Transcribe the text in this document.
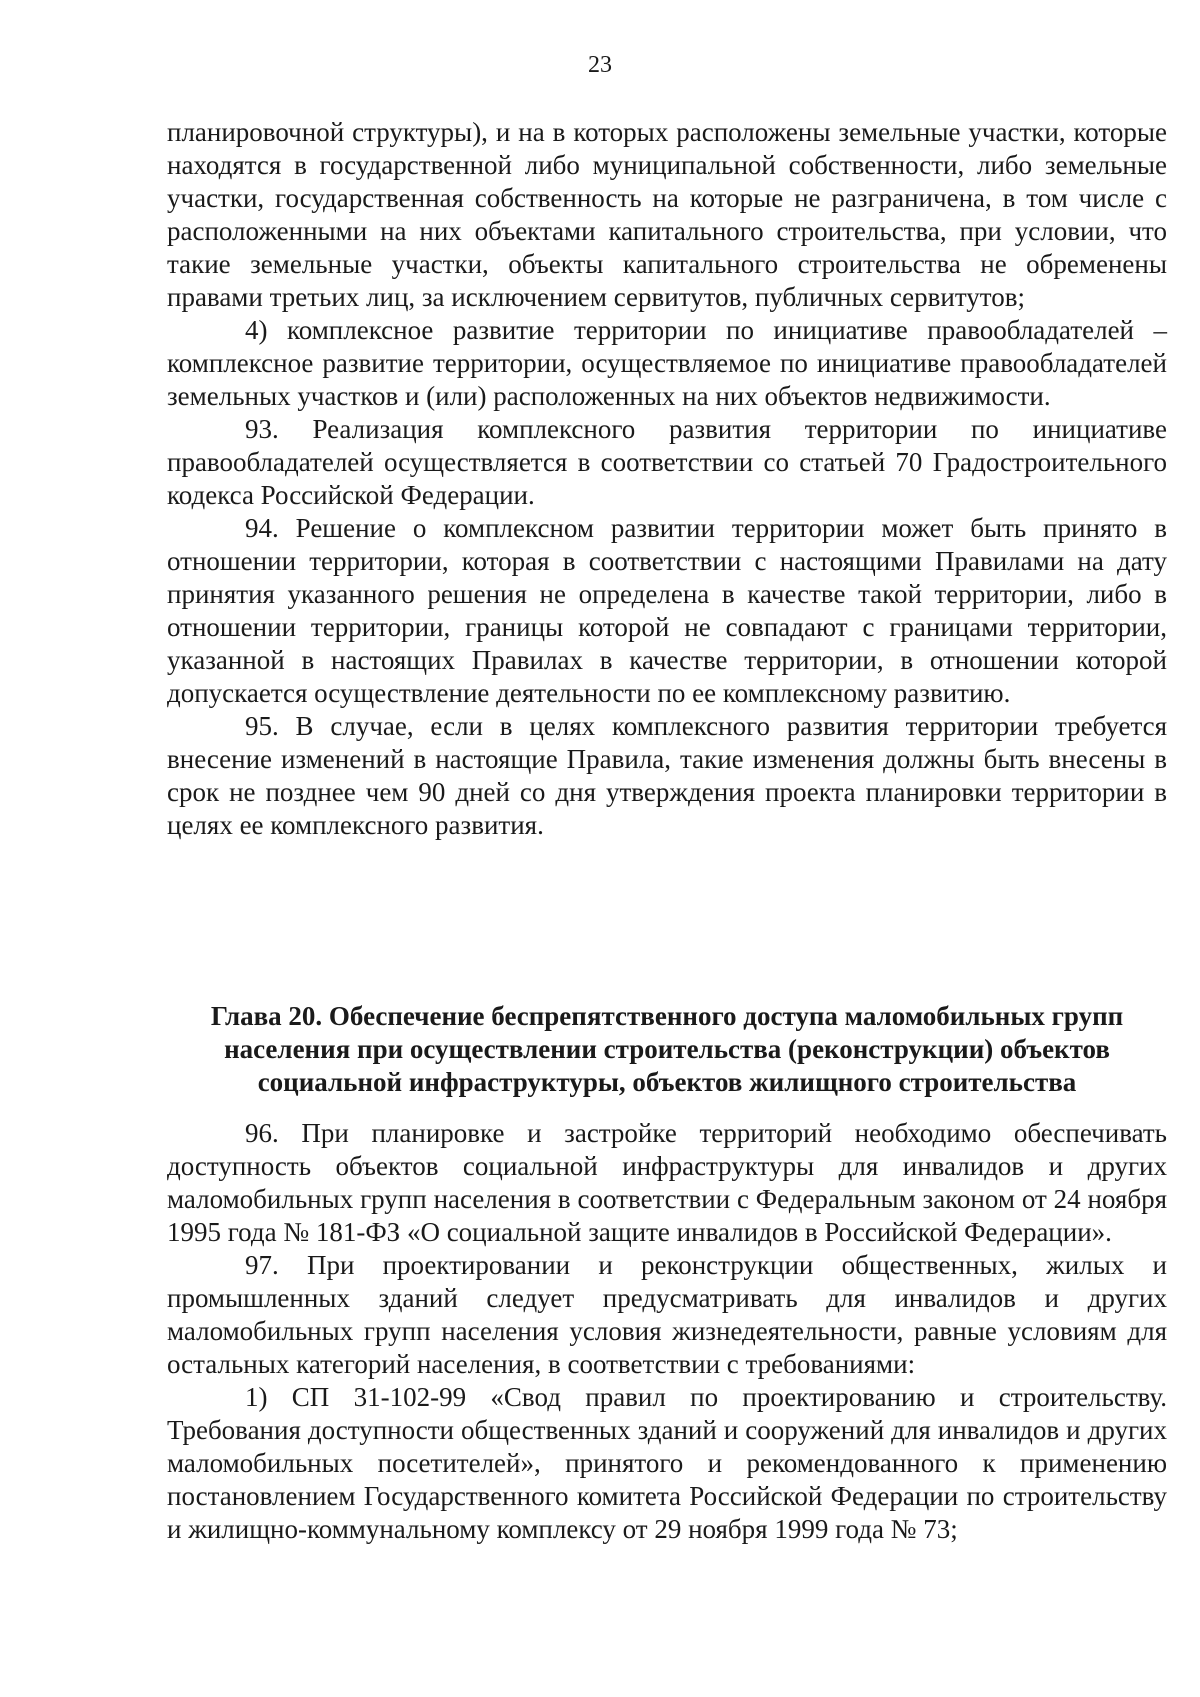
23

планировочной структуры), и на в которых расположены земельные участки, которые находятся в государственной либо муниципальной собственности, либо земельные участки, государственная собственность на которые не разграничена, в том числе с расположенными на них объектами капитального строительства, при условии, что такие земельные участки, объекты капитального строительства не обременены правами третьих лиц, за исключением сервитутов, публичных сервитутов;

4) комплексное развитие территории по инициативе правообладателей – комплексное развитие территории, осуществляемое по инициативе правообладателей земельных участков и (или) расположенных на них объектов недвижимости.

93. Реализация комплексного развития территории по инициативе правообладателей осуществляется в соответствии со статьей 70 Градостроительного кодекса Российской Федерации.

94. Решение о комплексном развитии территории может быть принято в отношении территории, которая в соответствии с настоящими Правилами на дату принятия указанного решения не определена в качестве такой территории, либо в отношении территории, границы которой не совпадают с границами территории, указанной в настоящих Правилах в качестве территории, в отношении которой допускается осуществление деятельности по ее комплексному развитию.

95. В случае, если в целях комплексного развития территории требуется внесение изменений в настоящие Правила, такие изменения должны быть внесены в срок не позднее чем 90 дней со дня утверждения проекта планировки территории в целях ее комплексного развития.

Глава 20. Обеспечение беспрепятственного доступа маломобильных групп населения при осуществлении строительства (реконструкции) объектов социальной инфраструктуры, объектов жилищного строительства

96. При планировке и застройке территорий необходимо обеспечивать доступность объектов социальной инфраструктуры для инвалидов и других маломобильных групп населения в соответствии с Федеральным законом от 24 ноября 1995 года № 181-ФЗ «О социальной защите инвалидов в Российской Федерации».

97. При проектировании и реконструкции общественных, жилых и промышленных зданий следует предусматривать для инвалидов и других маломобильных групп населения условия жизнедеятельности, равные условиям для остальных категорий населения, в соответствии с требованиями:

1) СП 31-102-99 «Свод правил по проектированию и строительству. Требования доступности общественных зданий и сооружений для инвалидов и других маломобильных посетителей», принятого и рекомендованного к применению постановлением Государственного комитета Российской Федерации по строительству и жилищно-коммунальному комплексу от 29 ноября 1999 года № 73;
